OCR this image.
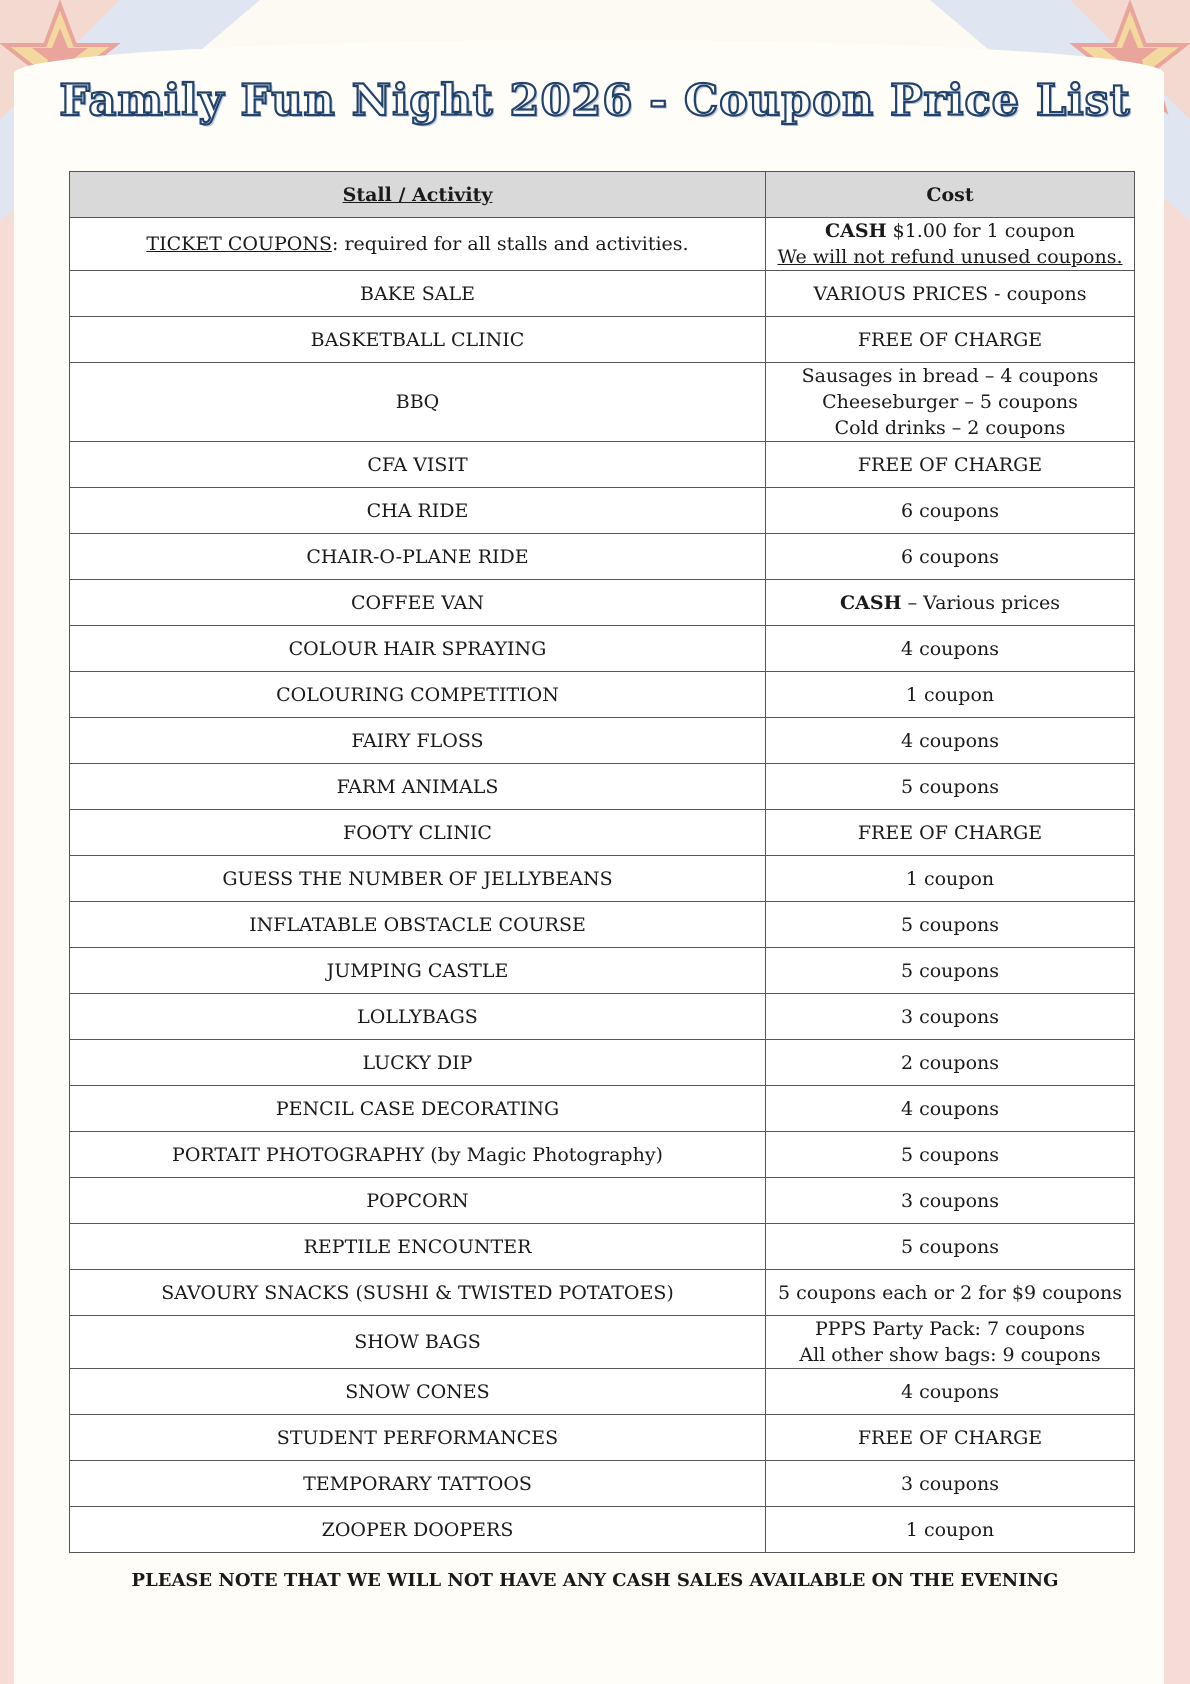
Family Fun Night 2026 - Coupon Price List
Stall / Activity	Cost
TICKET COUPONS: required for all stalls and activities.	CASH $1.00 for 1 coupon
We will not refund unused coupons.

BAKE SALE	VARIOUS PRICES - coupons

BASKETBALL CLINIC	FREE OF CHARGE

BBQ	Sausages in bread – 4 coupons
Cheeseburger – 5 coupons
Cold drinks – 2 coupons

CFA VISIT	FREE OF CHARGE

CHA RIDE	6 coupons

CHAIR-O-PLANE RIDE	6 coupons

COFFEE VAN	CASH – Various prices
COLOUR HAIR SPRAYING	4 coupons

COLOURING COMPETITION	1 coupon

FAIRY FLOSS	4 coupons

FARM ANIMALS	5 coupons

FOOTY CLINIC	FREE OF CHARGE

GUESS THE NUMBER OF JELLYBEANS	1 coupon

INFLATABLE OBSTACLE COURSE	5 coupons

JUMPING CASTLE	5 coupons

LOLLYBAGS	3 coupons

LUCKY DIP	2 coupons

PENCIL CASE DECORATING	4 coupons

PORTAIT PHOTOGRAPHY (by Magic Photography)	5 coupons

POPCORN	3 coupons

REPTILE ENCOUNTER	5 coupons

SAVOURY SNACKS (SUSHI & TWISTED POTATOES)	5 coupons each or 2 for $9 coupons

SHOW BAGS	PPPS Party Pack: 7 coupons
All other show bags: 9 coupons

SNOW CONES	4 coupons

STUDENT PERFORMANCES	FREE OF CHARGE

TEMPORARY TATTOOS	3 coupons

ZOOPER DOOPERS	1 coupon
PLEASE NOTE THAT WE WILL NOT HAVE ANY CASH SALES AVAILABLE ON THE EVENING
